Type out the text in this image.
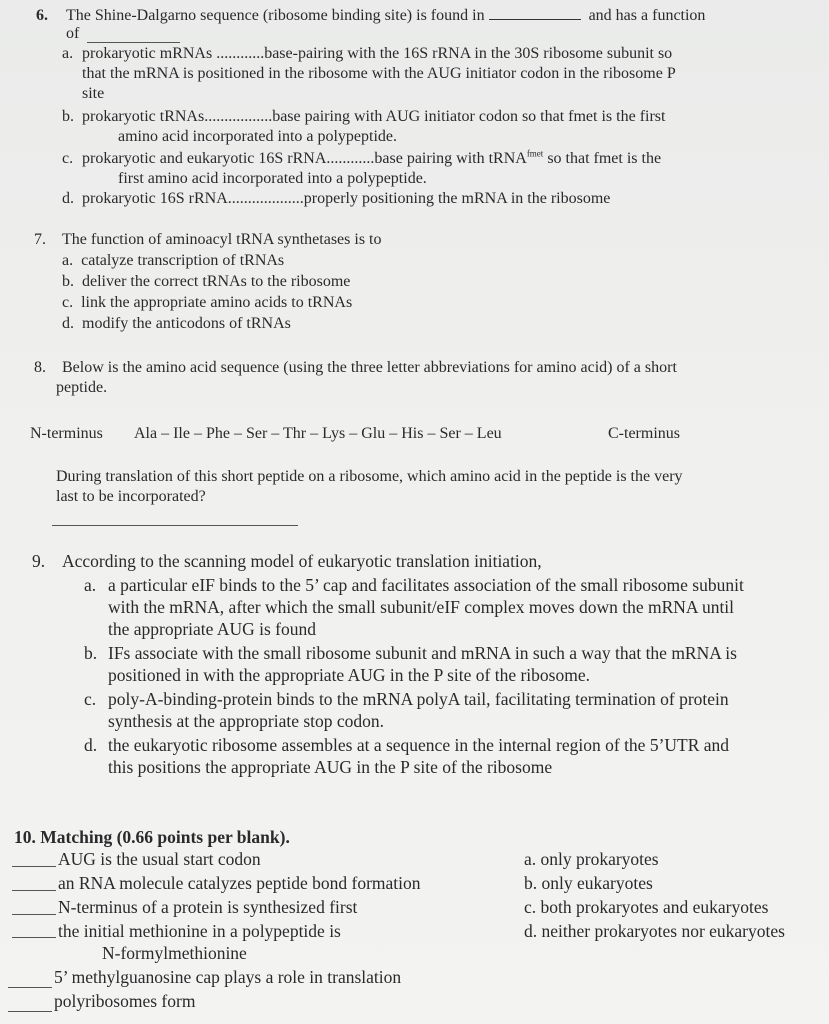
6. The Shine-Dalgarno sequence (ribosome binding site) is found in	and has a function
of
a. prokaryotic mRNAs ............base-pairing with the 16S rRNA in the 30S ribosome subunit so
that the mRNA is positioned in the ribosome with the AUG initiator codon in the ribosome P
site
b. prokaryotic tRNAs.................base pairing with AUG initiator codon so that fmet is the first
amino acid incorporated into a polypeptide.
c. prokaryotic and eukaryotic 16S rRNA............base pairing with tRNA$^{fmet}$ so that fmet is the
first amino acid incorporated into a polypeptide.
d. prokaryotic 16S rRNA...................properly positioning the mRNA in the ribosome
7. The function of aminoacyl tRNA synthetases is to
a. catalyze transcription of tRNAs
b. deliver the correct tRNAs to the ribosome
c. link the appropriate amino acids to tRNAs
d. modify the anticodons of tRNAs
8. Below is the amino acid sequence (using the three letter abbreviations for amino acid) of a short
peptide.
N-terminus Ala – Ile – Phe – Ser – Thr – Lys – Glu – His – Ser – Leu	C-terminus
During translation of this short peptide on a ribosome, which amino acid in the peptide is the very
last to be incorporated?
9. According to the scanning model of eukaryotic translation initiation,
a. a particular eIF binds to the 5’ cap and facilitates association of the small ribosome subunit
with the mRNA, after which the small subunit/eIF complex moves down the mRNA until
the appropriate AUG is found
b. IFs associate with the small ribosome subunit and mRNA in such a way that the mRNA is
positioned in with the appropriate AUG in the P site of the ribosome.
c. poly-A-binding-protein binds to the mRNA polyA tail, facilitating termination of protein
synthesis at the appropriate stop codon.
d. the eukaryotic ribosome assembles at a sequence in the internal region of the 5’UTR and
this positions the appropriate AUG in the P site of the ribosome
10. Matching (0.66 points per blank).
AUG is the usual start codon
an RNA molecule catalyzes peptide bond formation
N-terminus of a protein is synthesized first
the initial methionine in a polypeptide is
N-formylmethionine
5’ methylguanosine cap plays a role in translation
polyribosomes form
a. only prokaryotes
b. only eukaryotes
c. both prokaryotes and eukaryotes
d. neither prokaryotes nor eukaryotes
